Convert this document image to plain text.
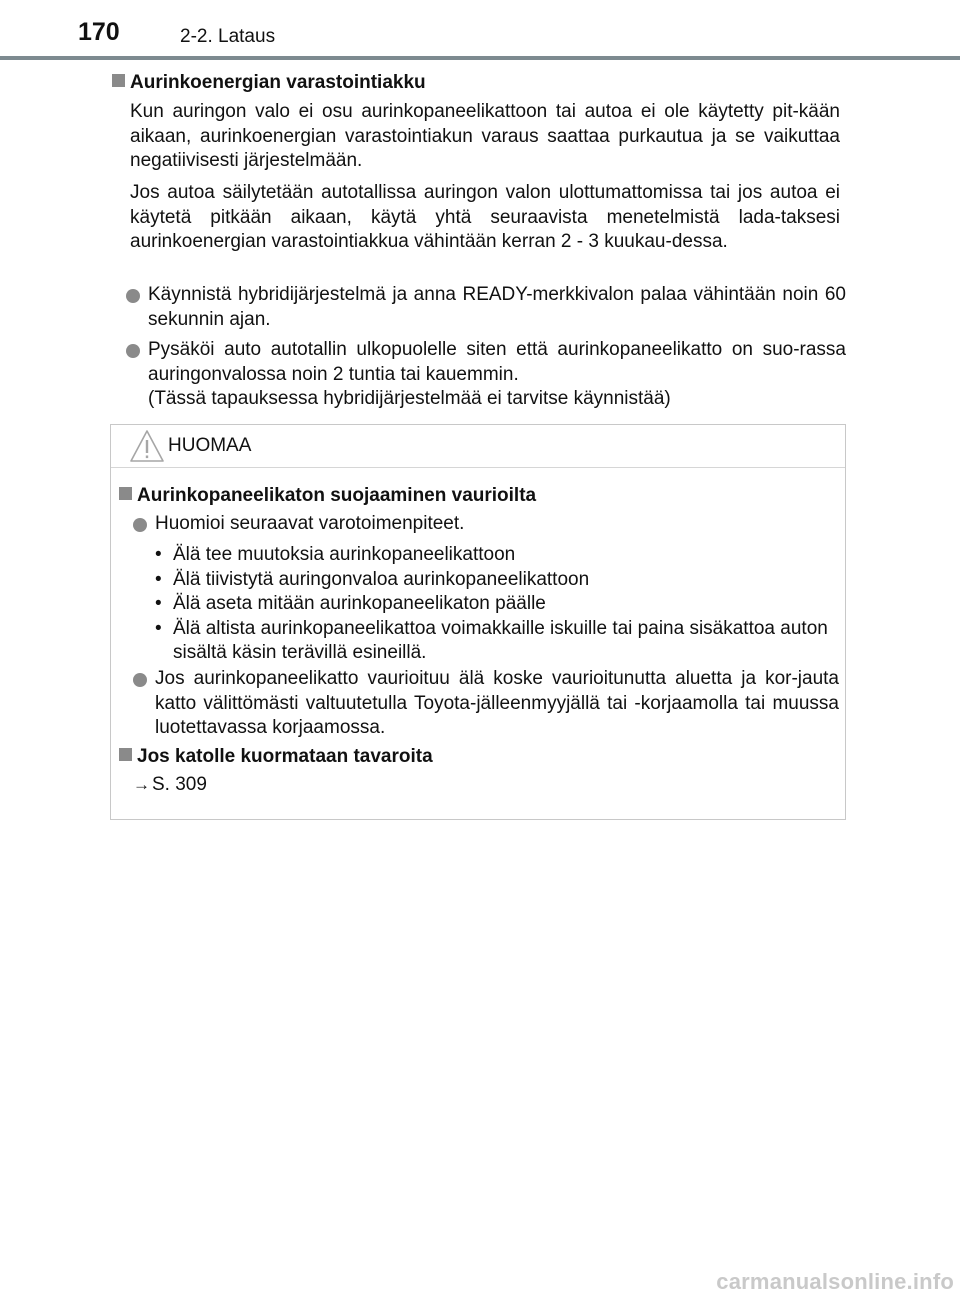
170	2-2. Lataus
Aurinkoenergian varastointiakku
Kun auringon valo ei osu aurinkopaneelikattoon tai autoa ei ole käytetty pit-kään aikaan, aurinkoenergian varastointiakun varaus saattaa purkautua ja se vaikuttaa negatiivisesti järjestelmään.
Jos autoa säilytetään autotallissa auringon valon ulottumattomissa tai jos autoa ei käytetä pitkään aikaan, käytä yhtä seuraavista menetelmistä lada-taksesi aurinkoenergian varastointiakkua vähintään kerran 2 - 3 kuukau-dessa.
Käynnistä hybridijärjestelmä ja anna READY-merkkivalon palaa vähintään noin 60 sekunnin ajan.
Pysäköi auto autotallin ulkopuolelle siten että aurinkopaneelikatto on suo-rassa auringonvalossa noin 2 tuntia tai kauemmin.
(Tässä tapauksessa hybridijärjestelmää ei tarvitse käynnistää)
HUOMAA
Aurinkopaneelikaton suojaaminen vaurioilta
Huomioi seuraavat varotoimenpiteet.
• Älä tee muutoksia aurinkopaneelikattoon
• Älä tiivistytä auringonvaloa aurinkopaneelikattoon
• Älä aseta mitään aurinkopaneelikaton päälle
• Älä altista aurinkopaneelikattoa voimakkaille iskuille tai paina sisäkattoa auton sisältä käsin terävillä esineillä.
Jos aurinkopaneelikatto vaurioituu älä koske vaurioitunutta aluetta ja kor-jauta katto välittömästi valtuutetulla Toyota-jälleenmyyjällä tai -korjaamolla tai muussa luotettavassa korjaamossa.
Jos katolle kuormataan tavaroita
→ S. 309
carmanualsonline.info
